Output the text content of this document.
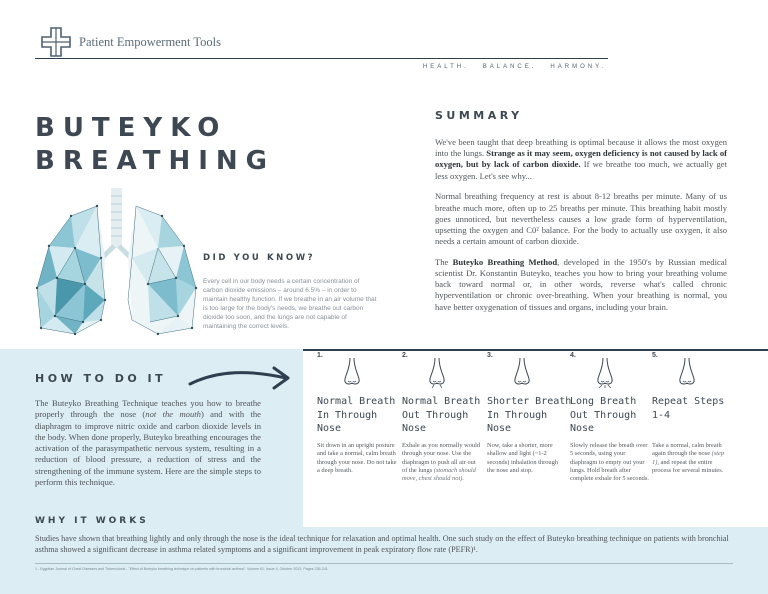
Patient Empowerment Tools
HEALTH.   BALANCE.   HARMONY.
BUTEYKO
BREATHING
DID YOU KNOW?
Every cell in our body needs a certain concentration of carbon dioxide emissions – around 6.5% – in order to maintain healthy function. If we breathe in an air volume that is too large for the body's needs, we breathe out carbon dioxide too soon, and the lungs are not capable of maintaining the correct levels.
SUMMARY

We've been taught that deep breathing is optimal because it allows the most oxygen into the lungs. Strange as it may seem, oxygen deficiency is not caused by lack of oxygen, but by lack of carbon dioxide. If we breathe too much, we actually get less oxygen. Let's see why...

Normal breathing frequency at rest is about 8-12 breaths per minute. Many of us breathe much more, often up to 25 breaths per minute. This breathing habit mostly goes unnoticed, but nevertheless causes a low grade form of hyperventilation, upsetting the oxygen and C0² balance. For the body to actually use oxygen, it also needs a certain amount of carbon dioxide.

The Buteyko Breathing Method, developed in the 1950's by Russian medical scientist Dr. Konstantin Buteyko, teaches you how to bring your breathing volume back toward normal or, in other words, reverse what's called chronic hyperventilation or chronic over-breathing. When your breathing is normal, you have better oxygenation of tissues and organs, including your brain.

HOW TO DO IT
The Buteyko Breathing Technique teaches you how to breathe properly through the nose (not the mouth) and with the diaphragm to improve nitric oxide and carbon dioxide levels in the body. When done properly, Buteyko breathing encourages the activation of the parasympathetic nervous system, resulting in a reduction of blood pressure, a reduction of stress and the strengthening of the immune system. Here are the simple steps to perform this technique.
1.
Normal Breath In Through Nose
Sit down in an upright posture and take a normal, calm breath through your nose. Do not take a deep breath.
2.
Normal Breath Out Through Nose
Exhale as you normally would through your nose. Use the diaphragm to push all air out of the lungs (stomach should move, chest should not).
3.
Shorter Breath In Through Nose
Now, take a shorter, more shallow and light (~1-2 seconds) inhalation through the nose and stop.
4.
Long Breath Out Through Nose
Slowly release the breath over 5 seconds, using your diaphragm to empty out your lungs. Hold breath after complete exhale for 5 seconds.
5.
Repeat Steps 1-4
Take a normal, calm breath again through the nose (step 1), and repeat the entire process for several minutes.
WHY IT WORKS
Studies have shown that breathing lightly and only through the nose is the ideal technique for relaxation and optimal health. One such study on the effect of Buteyko breathing technique on patients with bronchial asthma showed a significant decrease in asthma related symptoms and a significant improvement in peak expiratory flow rate (PEFR)¹.
1 - Egyptian Journal of Chest Diseases and Tuberculosis - "Effect of Buteyko breathing technique on patients with bronchial asthma". Volume 61, Issue 4, October 2012, Pages 235-241
